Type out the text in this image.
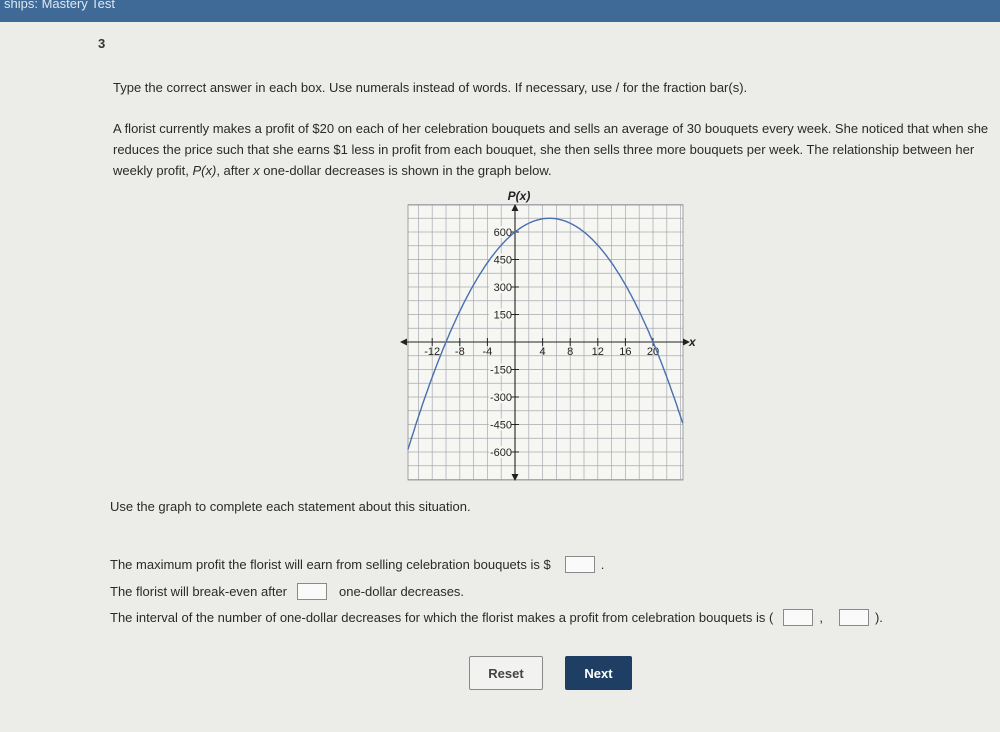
ships: Mastery Test
3
Type the correct answer in each box. Use numerals instead of words. If necessary, use / for the fraction bar(s).
A florist currently makes a profit of $20 on each of her celebration bouquets and sells an average of 30 bouquets every week. She noticed that when she
reduces the price such that she earns $1 less in profit from each bouquet, she then sells three more bouquets per week. The relationship between her
weekly profit, P(x), after x one-dollar decreases is shown in the graph below.
P(x)
-12 -8 -4	4 8 12 16 20
600
450
300
150
-150
-300
-450
-600
x
Use the graph to complete each statement about this situation.
The maximum profit the florist will earn from selling celebration bouquets is $	.
The florist will break-even after	one-dollar decreases.
The interval of the number of one-dollar decreases for which the florist makes a profit from celebration bouquets is (	,	).
Reset	Next
